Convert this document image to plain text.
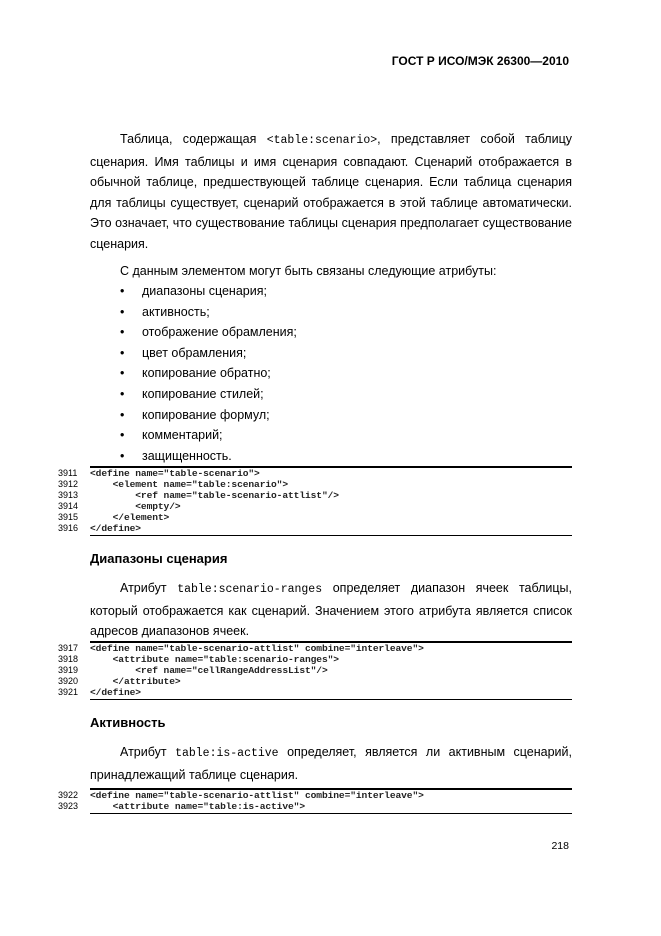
ГОСТ Р ИСО/МЭК 26300—2010
Таблица, содержащая <table:scenario>, представляет собой таблицу сценария. Имя таблицы и имя сценария совпадают. Сценарий отображается в обычной таблице, предшествующей таблице сценария. Если таблица сценария для таблицы существует, сценарий отображается в этой таблице автоматически. Это означает, что существование таблицы сценария предполагает существование сценария.
С данным элементом могут быть связаны следующие атрибуты:
• диапазоны сценария;
• активность;
• отображение обрамления;
• цвет обрамления;
• копирование обратно;
• копирование стилей;
• копирование формул;
• комментарий;
• защищенность.
3911	<define name="table-scenario">
3912	<element name="table:scenario">
3913	<ref name="table-scenario-attlist"/>
3914	<empty/>
3915	</element>
3916	</define>
Диапазоны сценария
Атрибут table:scenario-ranges определяет диапазон ячеек таблицы, который отображается как сценарий. Значением этого атрибута является список адресов диапазонов ячеек.
3917	<define name="table-scenario-attlist" combine="interleave">
3918	<attribute name="table:scenario-ranges">
3919	<ref name="cellRangeAddressList"/>
3920	</attribute>
3921	</define>
Активность
Атрибут table:is-active определяет, является ли активным сценарий, принадлежащий таблице сценария.
3922	<define name="table-scenario-attlist" combine="interleave">
3923	<attribute name="table:is-active">
218
